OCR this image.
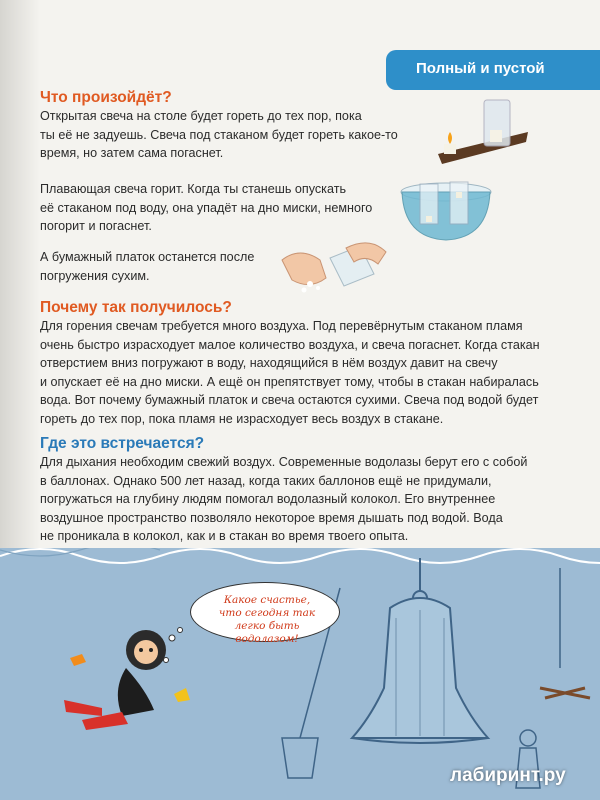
Полный и пустой
Что произойдёт?
Открытая свеча на столе будет гореть до тех пор, пока
ты её не задуешь. Свеча под стаканом будет гореть какое-то
время, но затем сама погаснет.
Плавающая свеча горит. Когда ты станешь опускать
её стаканом под воду, она упадёт на дно миски, немного
погорит и погаснет.
А бумажный платок останется после
погружения сухим.
Почему так получилось?
Для горения свечам требуется много воздуха. Под перевёрнутым стаканом пламя
очень быстро израсходует малое количество воздуха, и свеча погаснет. Когда стакан
отверстием вниз погружают в воду, находящийся в нём воздух давит на свечу
и опускает её на дно миски. А ещё он препятствует тому, чтобы в стакан набиралась
вода. Вот почему бумажный платок и свеча остаются сухими. Свеча под водой будет
гореть до тех пор, пока пламя не израсходует весь воздух в стакане.
Где это встречается?
Для дыхания необходим свежий воздух. Современные водолазы берут его с собой
в баллонах. Однако 500 лет назад, когда таких баллонов ещё не придумали,
погружаться на глубину людям помогал водолазный колокол. Его внутреннее
воздушное пространство позволяло некоторое время дышать под водой. Вода
не проникала в колокол, как и в стакан во время твоего опыта.
Какое счастье, что сегодня так легко быть водолазом!
лабиринт.ру
